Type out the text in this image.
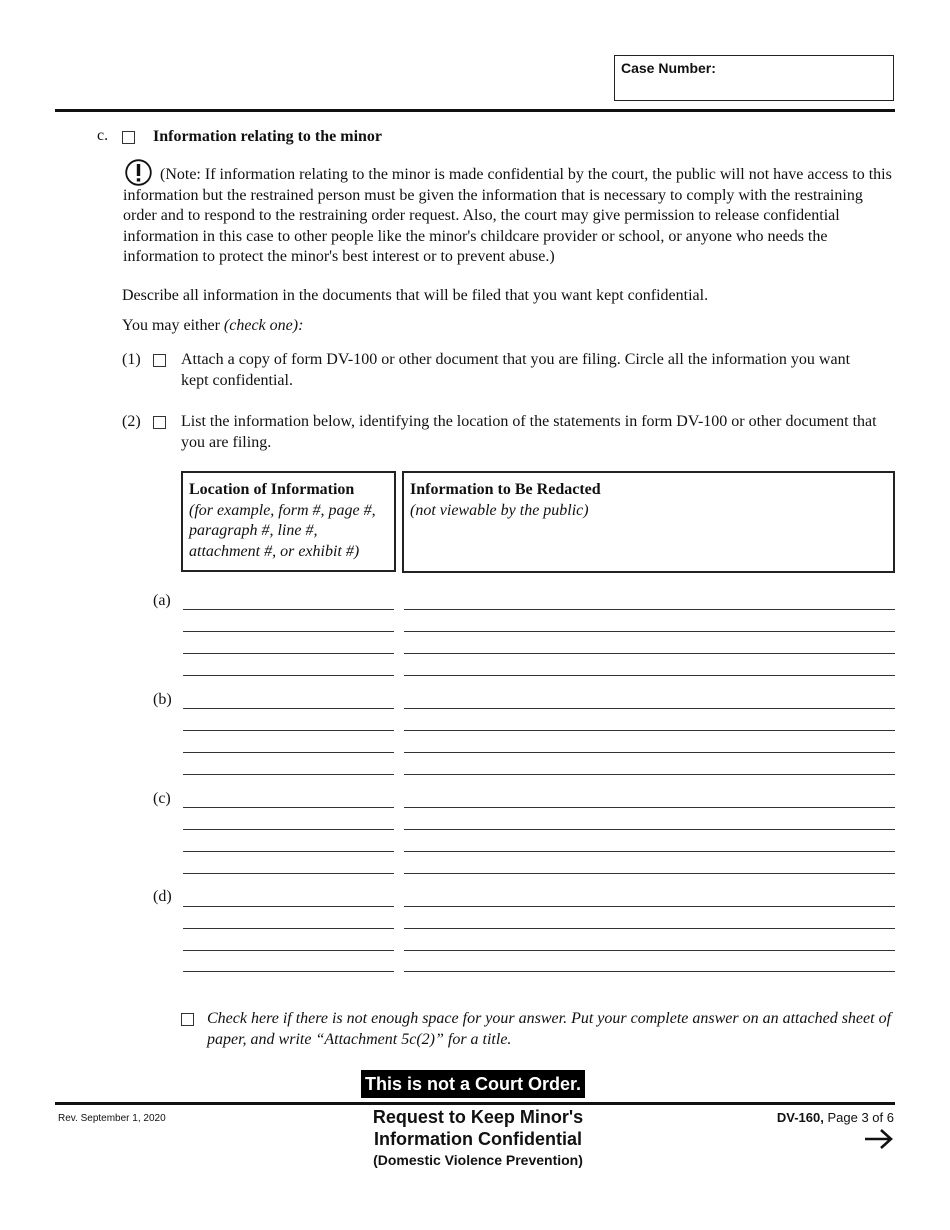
Case Number:
c.	Information relating to the minor
(Note: If information relating to the minor is made confidential by the court, the public will not have access to this information but the restrained person must be given the information that is necessary to comply with the restraining order and to respond to the restraining order request. Also, the court may give permission to release confidential information in this case to other people like the minor's childcare provider or school, or anyone who needs the information to protect the minor's best interest or to prevent abuse.)
Describe all information in the documents that will be filed that you want kept confidential.
You may either (check one):
(1)	Attach a copy of form DV-100 or other document that you are filing. Circle all the information you want kept confidential.
(2)	List the information below, identifying the location of the statements in form DV-100 or other document that you are filing.
Location of Information
(for example, form #, page #, paragraph #, line #, attachment #, or exhibit #)
Information to Be Redacted
(not viewable by the public)
(a)
(b)
(c)
(d)
Check here if there is not enough space for your answer. Put your complete answer on an attached sheet of paper, and write “Attachment 5c(2)” for a title.
This is not a Court Order.
Rev. September 1, 2020	Request to Keep Minor's
Information Confidential
(Domestic Violence Prevention)
DV-160, Page 3 of 6
